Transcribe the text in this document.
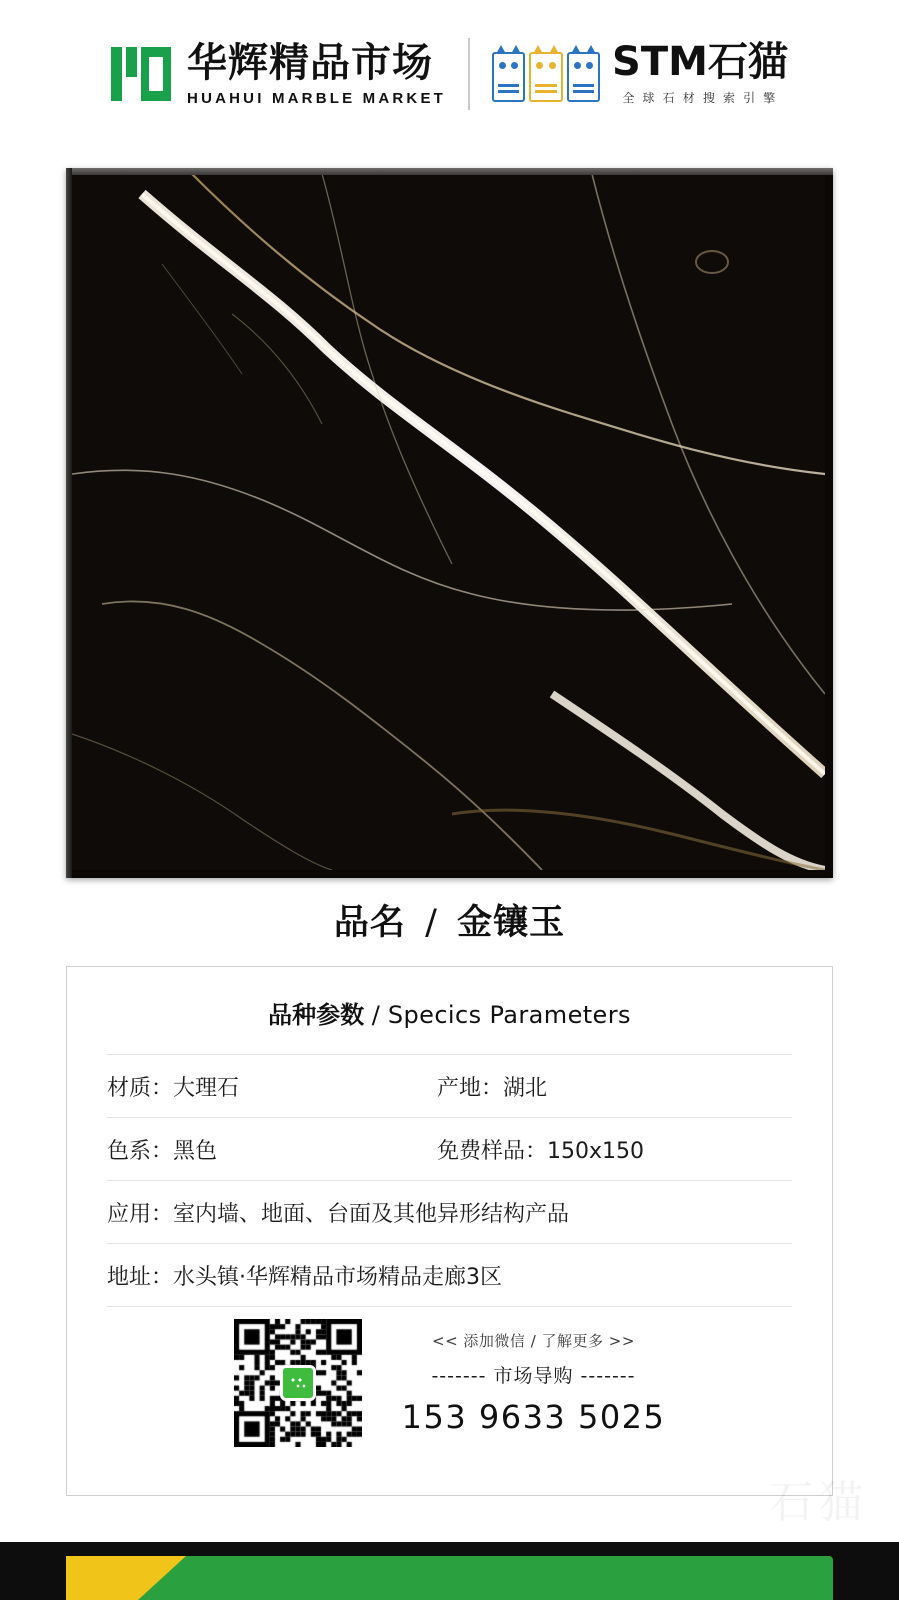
华辉精品市场
HUAHUI MARBLE MARKET
STM石猫
全 球 石 材 搜 索 引 擎
品名 / 金镶玉
品种参数 / Specics Parameters
材质：大理石	产地：湖北
色系：黑色	免费样品：150x150
应用：室内墙、地面、台面及其他异形结构产品
地址：水头镇·华辉精品市场精品走廊3区
<< 添加微信 / 了解更多 >>
------- 市场导购 -------
153 9633 5025
石猫
